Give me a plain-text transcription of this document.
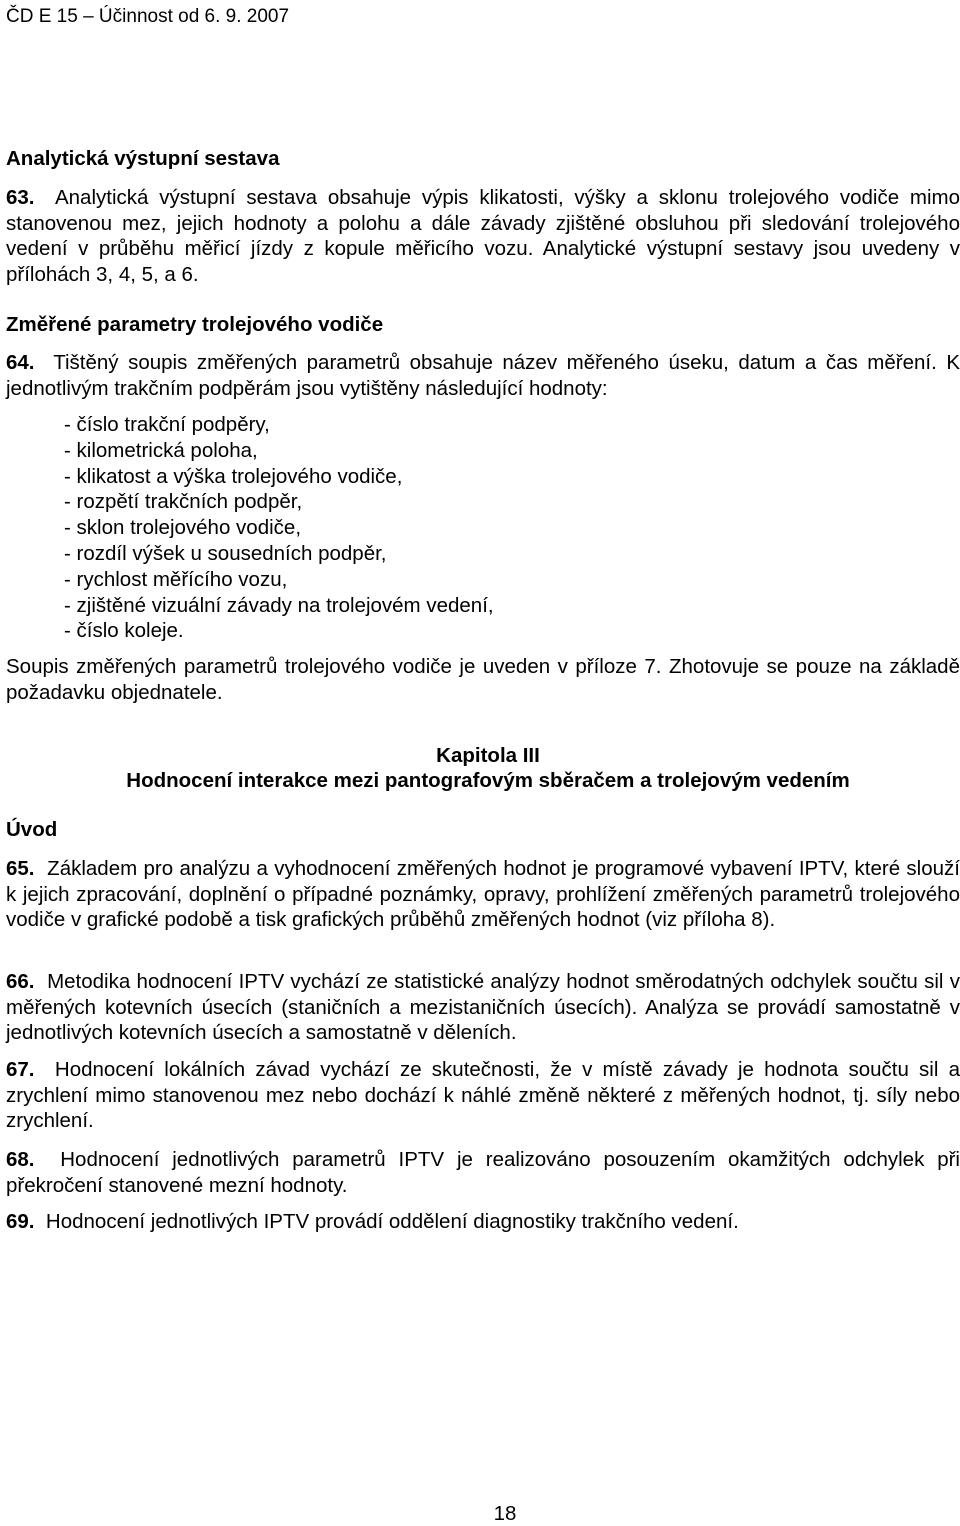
ČD E 15 – Účinnost od 6. 9. 2007
Analytická výstupní sestava
63. Analytická výstupní sestava obsahuje výpis klikatosti, výšky a sklonu trolejového vodiče mimo stanovenou mez, jejich hodnoty a polohu a dále závady zjištěné obsluhou při sledování trolejového vedení v průběhu měřicí jízdy z kopule měřicího vozu. Analytické výstupní sestavy jsou uvedeny v přílohách 3, 4, 5, a 6.
Změřené parametry trolejového vodiče
64. Tištěný soupis změřených parametrů obsahuje název měřeného úseku, datum a čas měření. K jednotlivým trakčním podpěrám jsou vytištěny následující hodnoty:
- číslo trakční podpěry,
- kilometrická poloha,
- klikatost a výška trolejového vodiče,
- rozpětí trakčních podpěr,
- sklon trolejového vodiče,
- rozdíl výšek u sousedních podpěr,
- rychlost měřícího vozu,
- zjištěné vizuální závady na trolejovém vedení,
- číslo koleje.
Soupis změřených parametrů trolejového vodiče je uveden v příloze 7. Zhotovuje se pouze na základě požadavku objednatele.
Kapitola III
Hodnocení interakce mezi pantografovým sběračem a trolejovým vedením
Úvod
65. Základem pro analýzu a vyhodnocení změřených hodnot je programové vybavení IPTV, které slouží k jejich zpracování, doplnění o případné poznámky, opravy, prohlížení změřených parametrů trolejového vodiče v grafické podobě a tisk grafických průběhů změřených hodnot (viz příloha 8).
66. Metodika hodnocení IPTV vychází ze statistické analýzy hodnot směrodatných odchylek součtu sil v měřených kotevních úsecích (staničních a mezistaničních úsecích). Analýza se provádí samostatně v jednotlivých kotevních úsecích a samostatně v děleních.
67. Hodnocení lokálních závad vychází ze skutečnosti, že v místě závady je hodnota součtu sil a zrychlení mimo stanovenou mez nebo dochází k náhlé změně některé z měřených hodnot, tj. síly nebo zrychlení.
68. Hodnocení jednotlivých parametrů IPTV je realizováno posouzením okamžitých odchylek při překročení stanovené mezní hodnoty.
69. Hodnocení jednotlivých IPTV provádí oddělení diagnostiky trakčního vedení.
18
